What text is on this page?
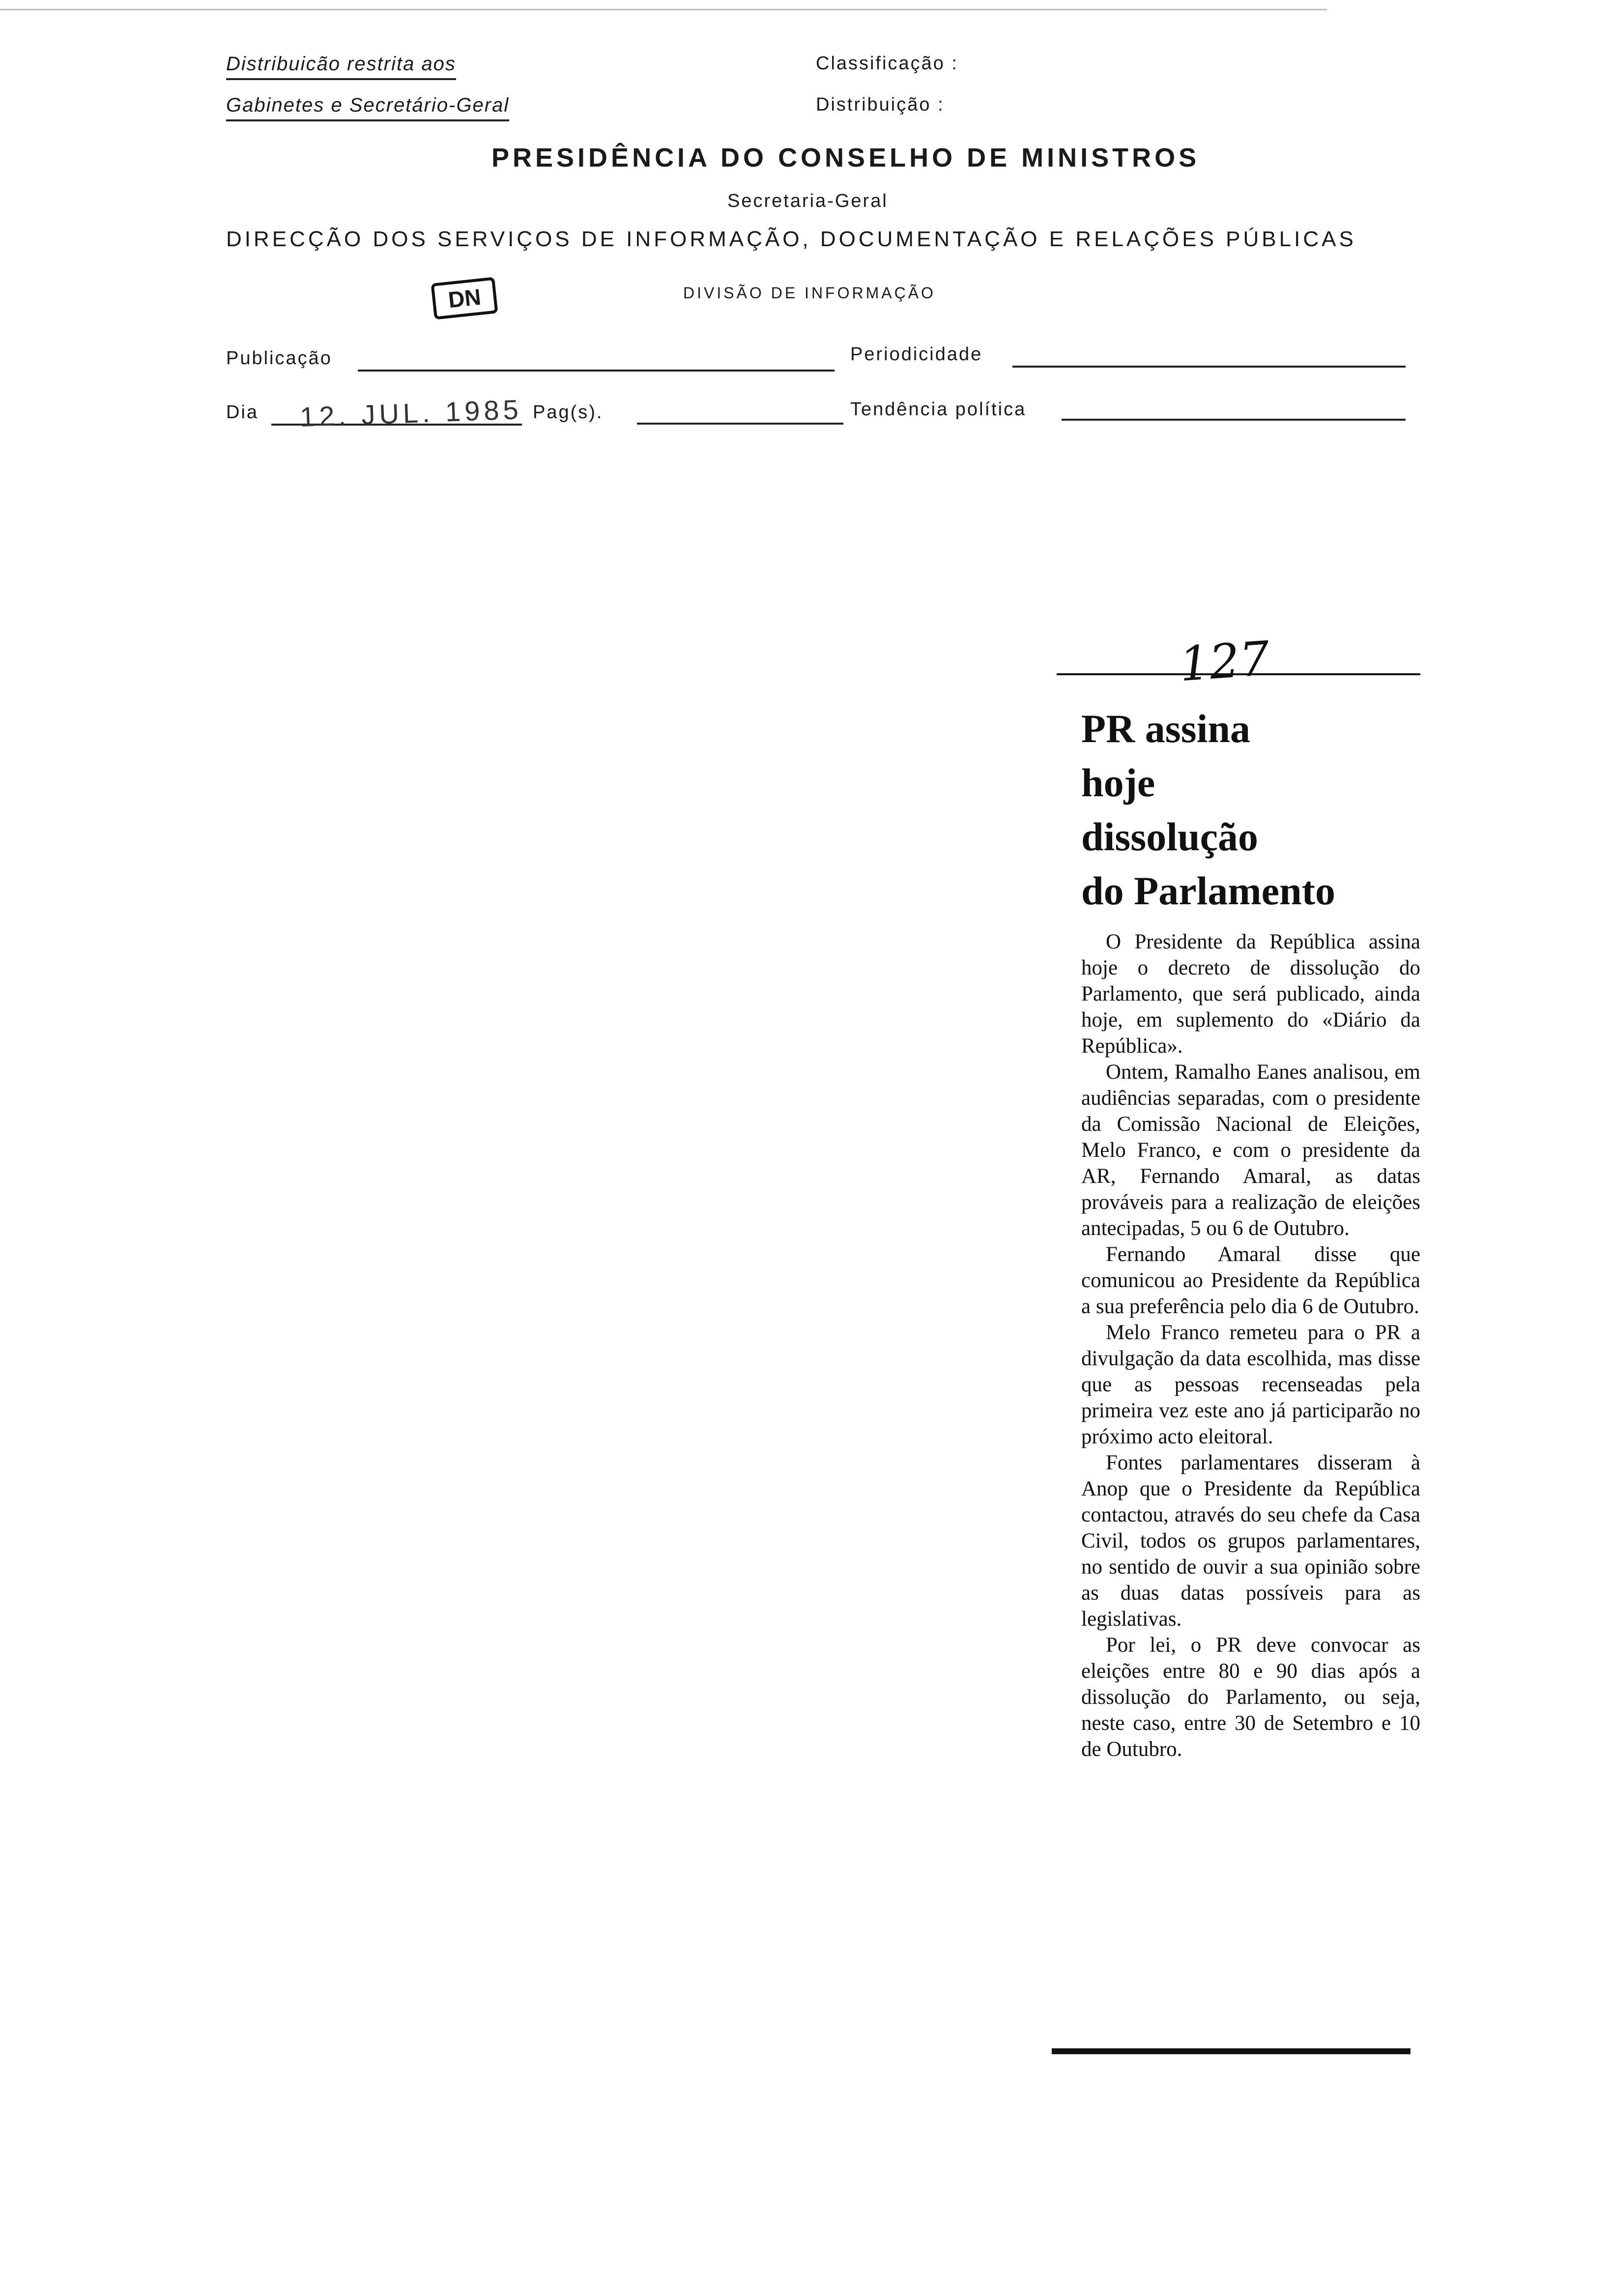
Distribuicão restrita aos
Gabinetes e Secretário-Geral
Classificação :
Distribuição :
PRESIDÊNCIA DO CONSELHO DE MINISTROS
Secretaria-Geral
DIRECÇÃO DOS SERVIÇOS DE INFORMAÇÃO, DOCUMENTAÇÃO E RELAÇÕES PÚBLICAS
DN	DIVISÃO DE INFORMAÇÃO
Publicação	Periodicidade
Dia 12. JUL. 1985 Pag(s).	Tendência política
127
PR assina
hoje
dissolução
do Parlamento

O Presidente da República assina hoje o decreto de dissolução do Parlamento, que será publicado, ainda hoje, em suplemento do «Diário da República».

Ontem, Ramalho Eanes analisou, em audiências separadas, com o presidente da Comissão Nacional de Eleições, Melo Franco, e com o presidente da AR, Fernando Amaral, as datas prováveis para a realização de eleições antecipadas, 5 ou 6 de Outubro.

Fernando Amaral disse que comunicou ao Presidente da República a sua preferência pelo dia 6 de Outubro.

Melo Franco remeteu para o PR a divulgação da data escolhida, mas disse que as pessoas recenseadas pela primeira vez este ano já participarão no próximo acto eleitoral.

Fontes parlamentares disseram à Anop que o Presidente da República contactou, através do seu chefe da Casa Civil, todos os grupos parlamentares, no sentido de ouvir a sua opinião sobre as duas datas possíveis para as legislativas.

Por lei, o PR deve convocar as eleições entre 80 e 90 dias após a dissolução do Parlamento, ou seja, neste caso, entre 30 de Setembro e 10 de Outubro.
